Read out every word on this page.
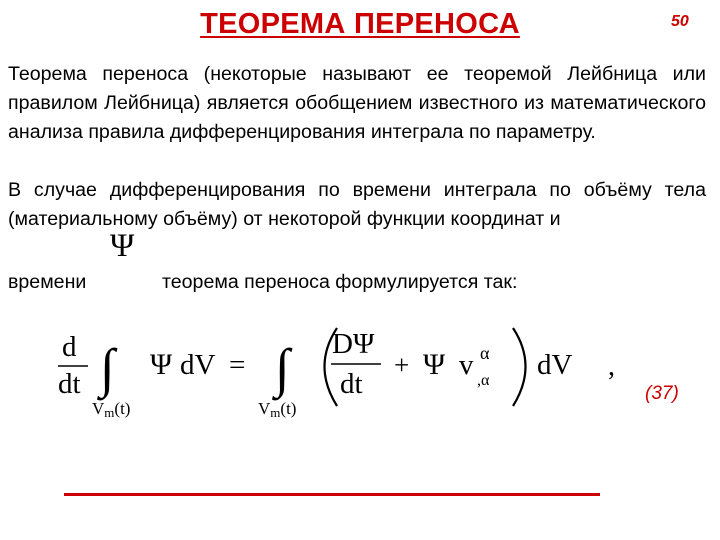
ТЕОРЕМА ПЕРЕНОСА	50
Теорема переноса (некоторые называют ее теоремой Лейбница или правилом Лейбница) является обобщением известного из математического анализа правила дифференцирования интеграла по параметру.
В случае дифференцирования по времени интеграла по объёму тела (материальному объёму) от некоторой функции координат и
Ψ
времени	теорема переноса формулируется так:
d
dt ∫
Vm(t)
Ψ dV = ∫
Vm(t)
DΨ
dt
+ Ψ v α
,α dV ,
(37)
